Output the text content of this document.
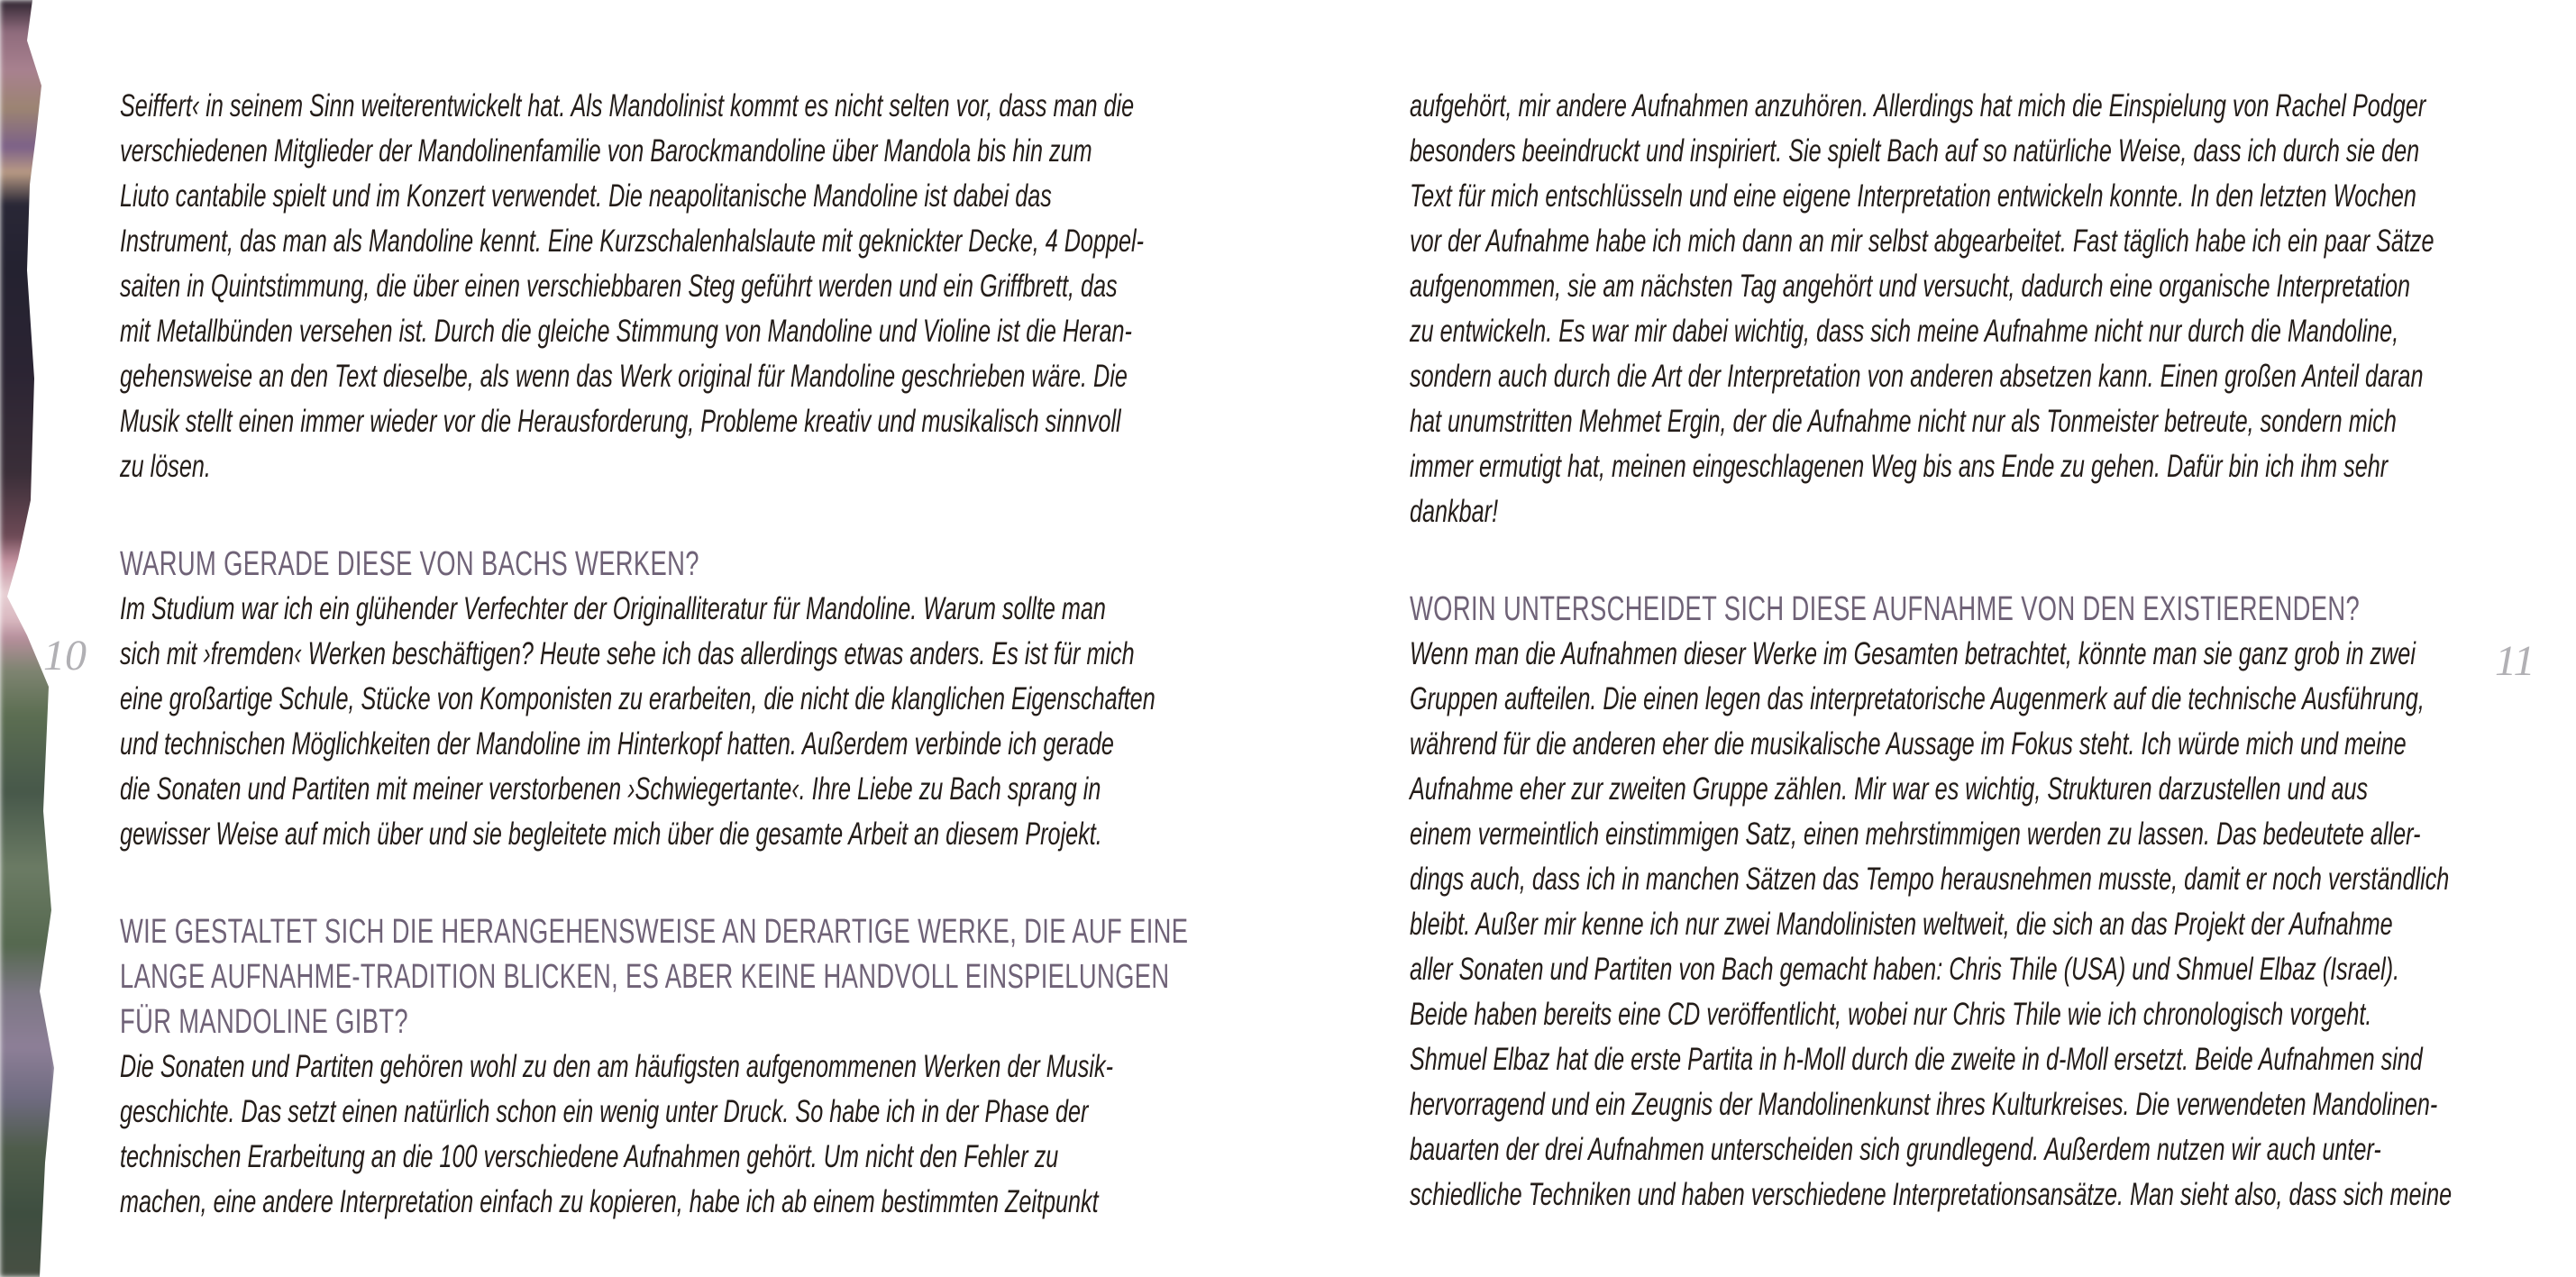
10
Seiffert‹ in seinem Sinn weiterentwickelt hat. Als Mandolinist kommt es nicht selten vor, dass man die
verschiedenen Mitglieder der Mandolinenfamilie von Barockmandoline über Mandola bis hin zum
Liuto cantabile spielt und im Konzert verwendet. Die neapolitanische Mandoline ist dabei das
Instrument, das man als Mandoline kennt. Eine Kurzschalenhalslaute mit geknickter Decke, 4 Doppel-
saiten in Quintstimmung, die über einen verschiebbaren Steg geführt werden und ein Griffbrett, das
mit Metallbünden versehen ist. Durch die gleiche Stimmung von Mandoline und Violine ist die Heran-
gehensweise an den Text dieselbe, als wenn das Werk original für Mandoline geschrieben wäre. Die
Musik stellt einen immer wieder vor die Herausforderung, Probleme kreativ und musikalisch sinnvoll
zu lösen.
WARUM GERADE DIESE VON BACHS WERKEN?
Im Studium war ich ein glühender Verfechter der Originalliteratur für Mandoline. Warum sollte man
sich mit ›fremden‹ Werken beschäftigen? Heute sehe ich das allerdings etwas anders. Es ist für mich
eine großartige Schule, Stücke von Komponisten zu erarbeiten, die nicht die klanglichen Eigenschaften
und technischen Möglichkeiten der Mandoline im Hinterkopf hatten. Außerdem verbinde ich gerade
die Sonaten und Partiten mit meiner verstorbenen ›Schwiegertante‹. Ihre Liebe zu Bach sprang in
gewisser Weise auf mich über und sie begleitete mich über die gesamte Arbeit an diesem Projekt.
WIE GESTALTET SICH DIE HERANGEHENSWEISE AN DERARTIGE WERKE, DIE AUF EINE
LANGE AUFNAHME-TRADITION BLICKEN, ES ABER KEINE HANDVOLL EINSPIELUNGEN
FÜR MANDOLINE GIBT?
Die Sonaten und Partiten gehören wohl zu den am häufigsten aufgenommenen Werken der Musik-
geschichte. Das setzt einen natürlich schon ein wenig unter Druck. So habe ich in der Phase der
technischen Erarbeitung an die 100 verschiedene Aufnahmen gehört. Um nicht den Fehler zu
machen, eine andere Interpretation einfach zu kopieren, habe ich ab einem bestimmten Zeitpunkt
aufgehört, mir andere Aufnahmen anzuhören. Allerdings hat mich die Einspielung von Rachel Podger
besonders beeindruckt und inspiriert. Sie spielt Bach auf so natürliche Weise, dass ich durch sie den
Text für mich entschlüsseln und eine eigene Interpretation entwickeln konnte. In den letzten Wochen
vor der Aufnahme habe ich mich dann an mir selbst abgearbeitet. Fast täglich habe ich ein paar Sätze
aufgenommen, sie am nächsten Tag angehört und versucht, dadurch eine organische Interpretation
zu entwickeln. Es war mir dabei wichtig, dass sich meine Aufnahme nicht nur durch die Mandoline,
sondern auch durch die Art der Interpretation von anderen absetzen kann. Einen großen Anteil daran
hat unumstritten Mehmet Ergin, der die Aufnahme nicht nur als Tonmeister betreute, sondern mich
immer ermutigt hat, meinen eingeschlagenen Weg bis ans Ende zu gehen. Dafür bin ich ihm sehr
dankbar!
WORIN UNTERSCHEIDET SICH DIESE AUFNAHME VON DEN EXISTIERENDEN?
Wenn man die Aufnahmen dieser Werke im Gesamten betrachtet, könnte man sie ganz grob in zwei
Gruppen aufteilen. Die einen legen das interpretatorische Augenmerk auf die technische Ausführung,
während für die anderen eher die musikalische Aussage im Fokus steht. Ich würde mich und meine
Aufnahme eher zur zweiten Gruppe zählen. Mir war es wichtig, Strukturen darzustellen und aus
einem vermeintlich einstimmigen Satz, einen mehrstimmigen werden zu lassen. Das bedeutete aller-
dings auch, dass ich in manchen Sätzen das Tempo herausnehmen musste, damit er noch verständlich
bleibt. Außer mir kenne ich nur zwei Mandolinisten weltweit, die sich an das Projekt der Aufnahme
aller Sonaten und Partiten von Bach gemacht haben: Chris Thile (USA) und Shmuel Elbaz (Israel).
Beide haben bereits eine CD veröffentlicht, wobei nur Chris Thile wie ich chronologisch vorgeht.
Shmuel Elbaz hat die erste Partita in h-Moll durch die zweite in d-Moll ersetzt. Beide Aufnahmen sind
hervorragend und ein Zeugnis der Mandolinenkunst ihres Kulturkreises. Die verwendeten Mandolinen-
bauarten der drei Aufnahmen unterscheiden sich grundlegend. Außerdem nutzen wir auch unter-
schiedliche Techniken und haben verschiedene Interpretationsansätze. Man sieht also, dass sich meine
11
